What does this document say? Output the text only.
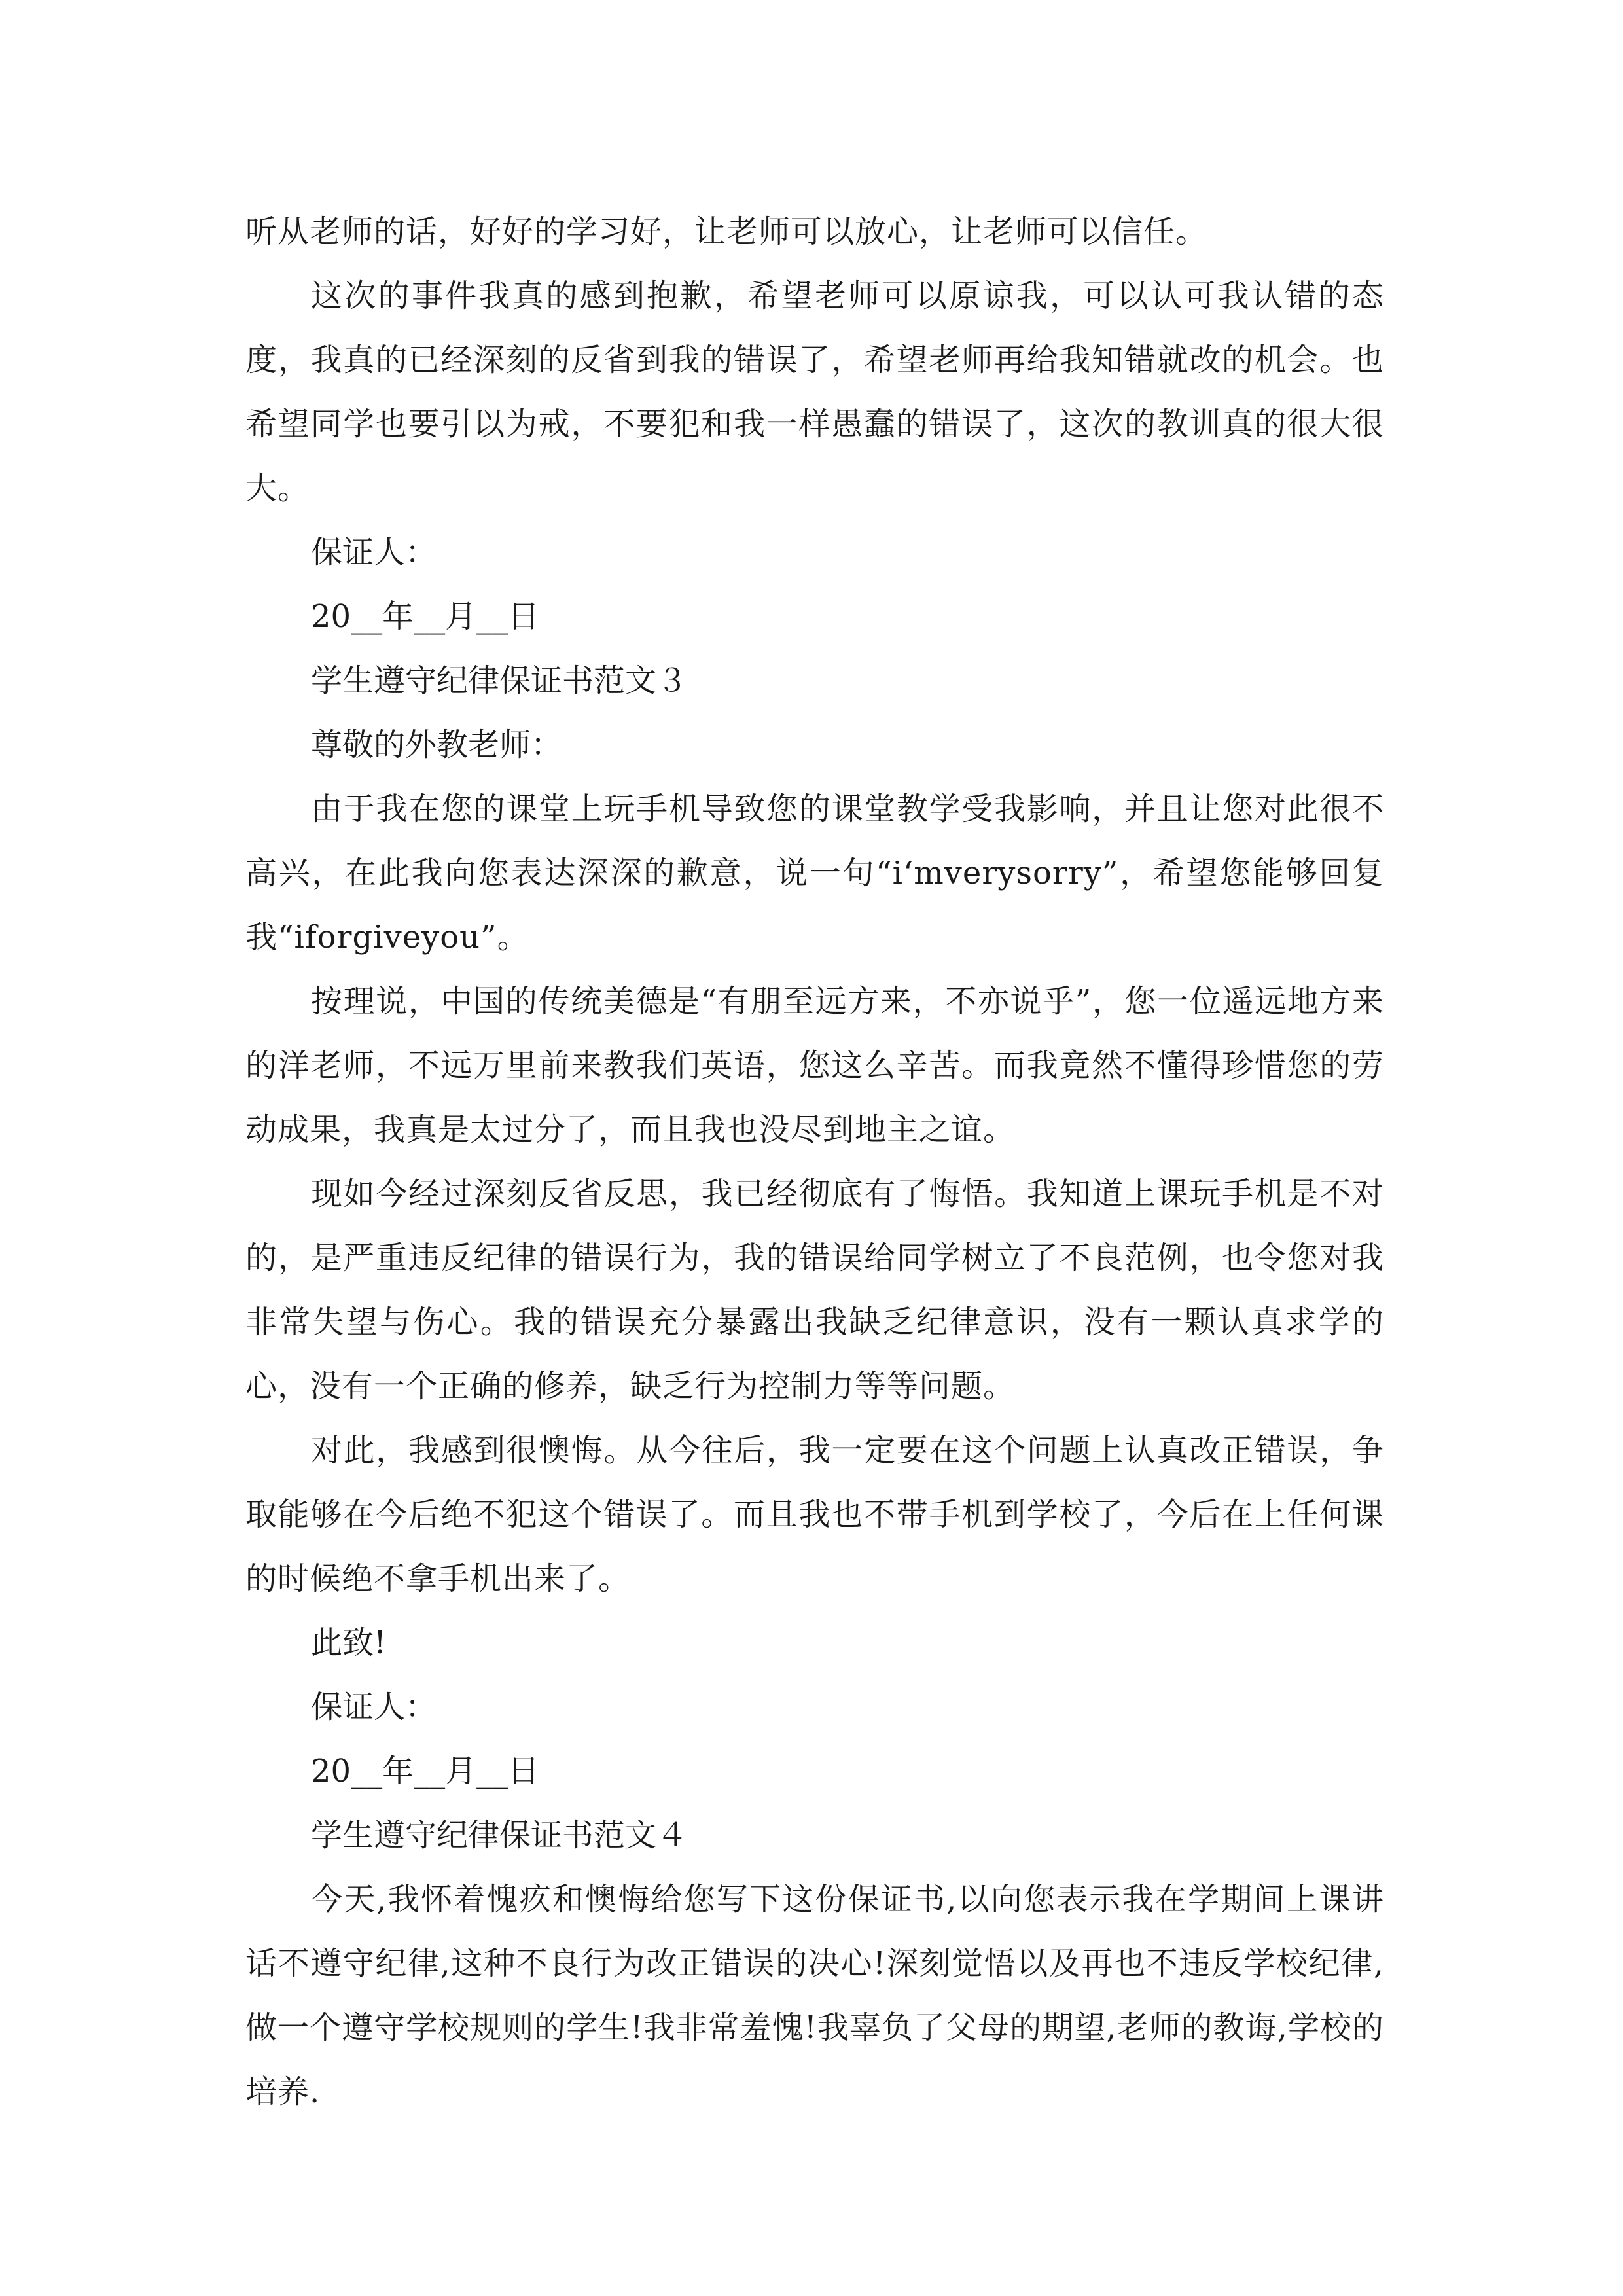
听从老师的话，好好的学习好，让老师可以放心，让老师可以信任。

这次的事件我真的感到抱歉，希望老师可以原谅我，可以认可我认错的态度，我真的已经深刻的反省到我的错误了，希望老师再给我知错就改的机会。也希望同学也要引以为戒，不要犯和我一样愚蠢的错误了，这次的教训真的很大很大。

保证人：

20__年__月__日

学生遵守纪律保证书范文３

尊敬的外教老师：

由于我在您的课堂上玩手机导致您的课堂教学受我影响，并且让您对此很不高兴，在此我向您表达深深的歉意，说一句“i‘mverysorry”，希望您能够回复我“iforgiveyou”。

按理说，中国的传统美德是“有朋至远方来，不亦说乎”，您一位遥远地方来的洋老师，不远万里前来教我们英语，您这么辛苦。而我竟然不懂得珍惜您的劳动成果，我真是太过分了，而且我也没尽到地主之谊。

现如今经过深刻反省反思，我已经彻底有了悔悟。我知道上课玩手机是不对的，是严重违反纪律的错误行为，我的错误给同学树立了不良范例，也令您对我非常失望与伤心。我的错误充分暴露出我缺乏纪律意识，没有一颗认真求学的心，没有一个正确的修养，缺乏行为控制力等等问题。

对此，我感到很懊悔。从今往后，我一定要在这个问题上认真改正错误，争取能够在今后绝不犯这个错误了。而且我也不带手机到学校了，今后在上任何课的时候绝不拿手机出来了。

此致!

保证人：

20__年__月__日

学生遵守纪律保证书范文４

今天,我怀着愧疚和懊悔给您写下这份保证书,以向您表示我在学期间上课讲话不遵守纪律,这种不良行为改正错误的决心!深刻觉悟以及再也不违反学校纪律,做一个遵守学校规则的学生!我非常羞愧!我辜负了父母的期望,老师的教诲,学校的培养.
